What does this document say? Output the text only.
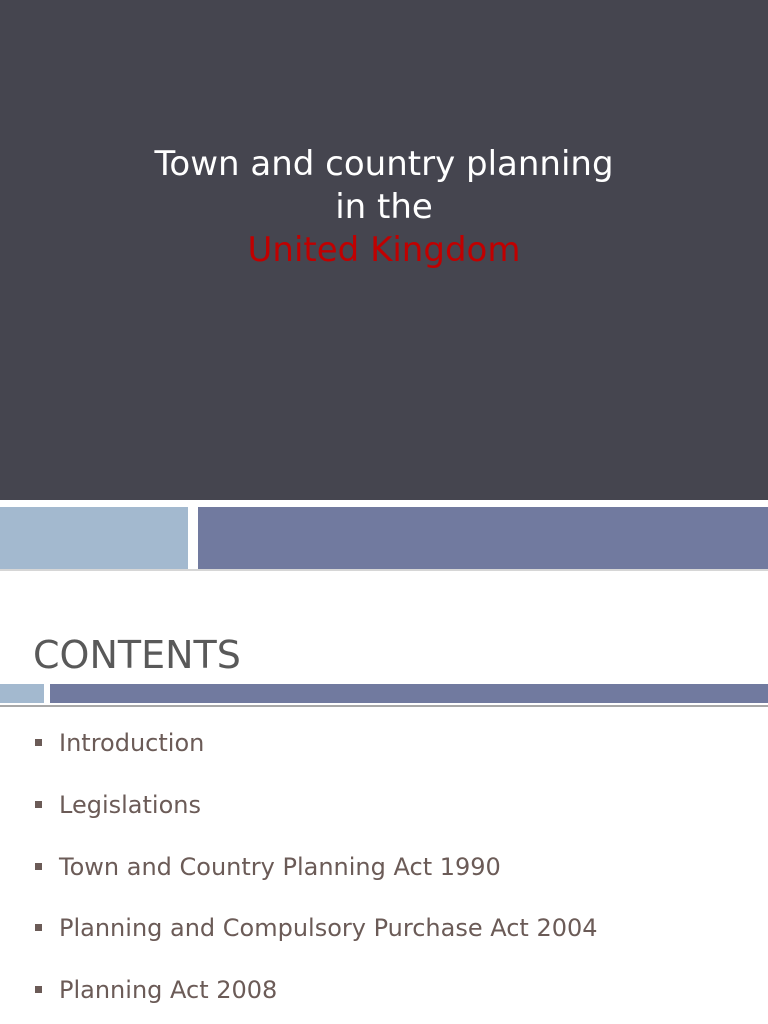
Town and country planning
in the
United Kingdom
CONTENTS
Introduction
Legislations
Town and Country Planning Act 1990
Planning and Compulsory Purchase Act 2004
Planning Act 2008
